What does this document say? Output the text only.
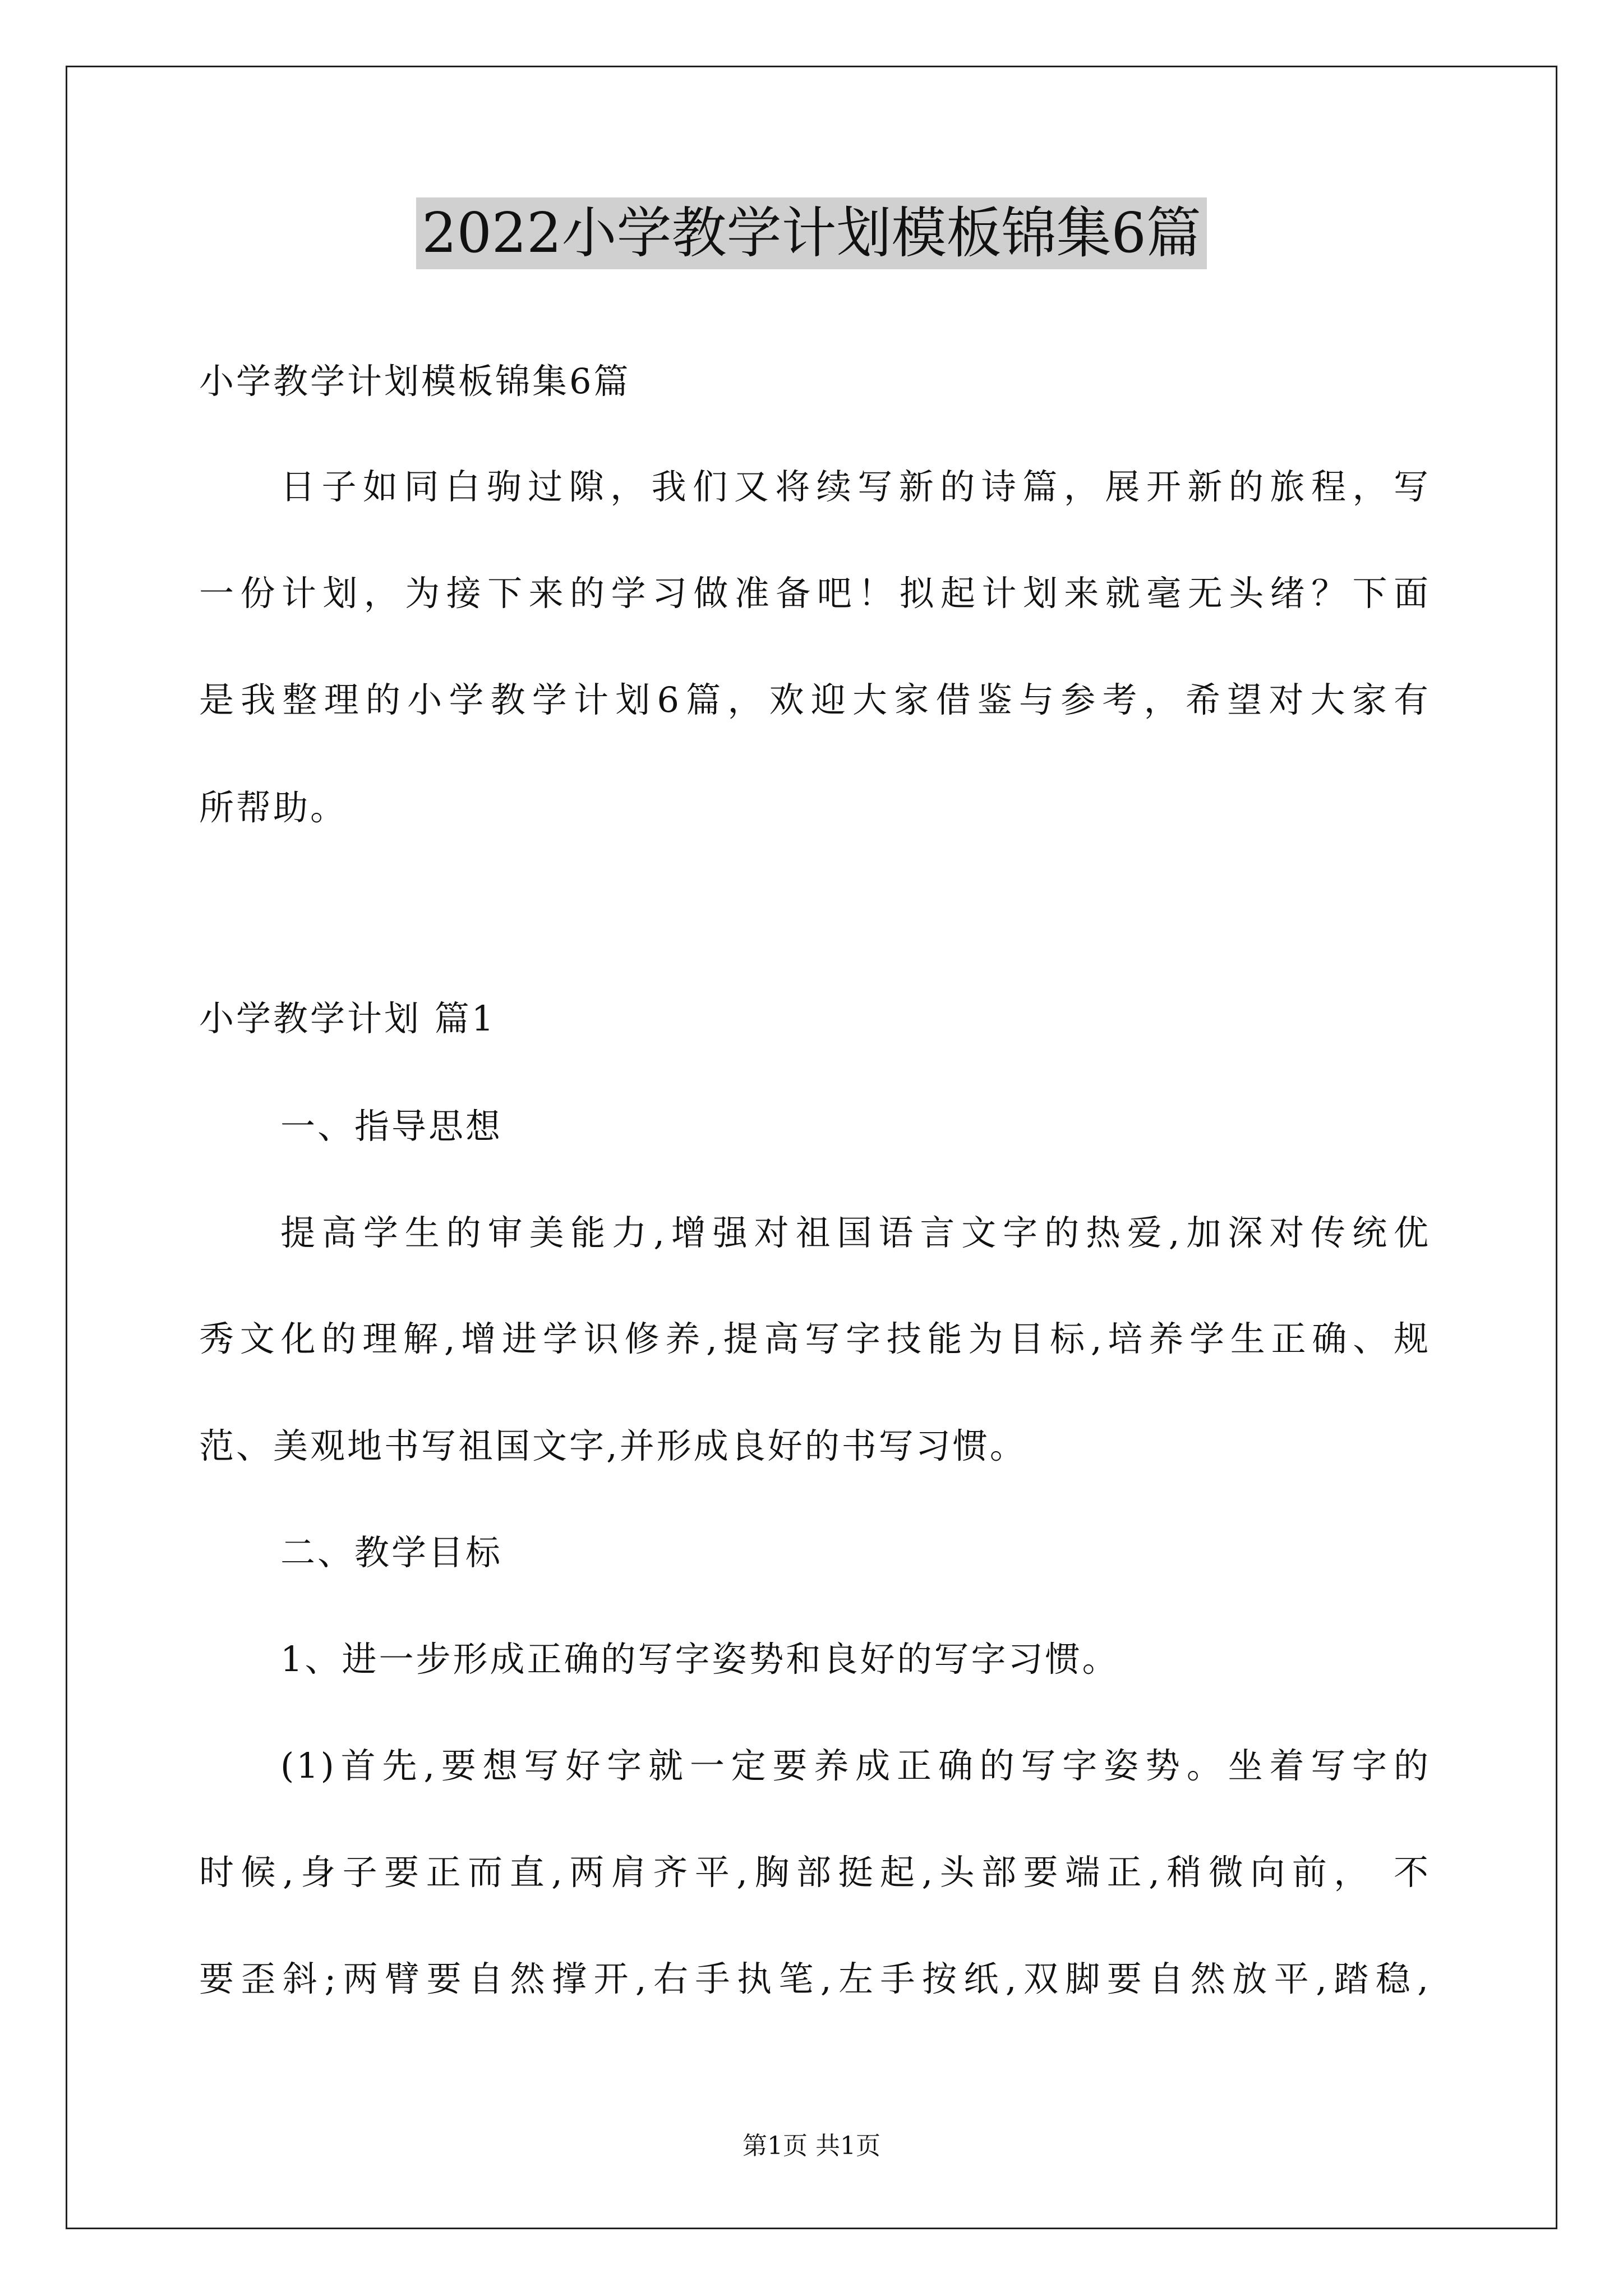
2022小学教学计划模板锦集6篇
小学教学计划模板锦集6篇
日子如同白驹过隙，我们又将续写新的诗篇，展开新的旅程，写
一份计划，为接下来的学习做准备吧！拟起计划来就毫无头绪？下面
是我整理的小学教学计划6篇，欢迎大家借鉴与参考，希望对大家有
所帮助。
小学教学计划 篇1
一、指导思想
提高学生的审美能力,增强对祖国语言文字的热爱,加深对传统优
秀文化的理解,增进学识修养,提高写字技能为目标,培养学生正确、规
范、美观地书写祖国文字,并形成良好的书写习惯。
二、教学目标
1、进一步形成正确的写字姿势和良好的写字习惯。
(1)首先,要想写好字就一定要养成正确的写字姿势。坐着写字的
时候,身子要正而直,两肩齐平,胸部挺起,头部要端正,稍微向前， 不
要歪斜;两臂要自然撑开,右手执笔,左手按纸,双脚要自然放平,踏稳,
第1页 共1页
